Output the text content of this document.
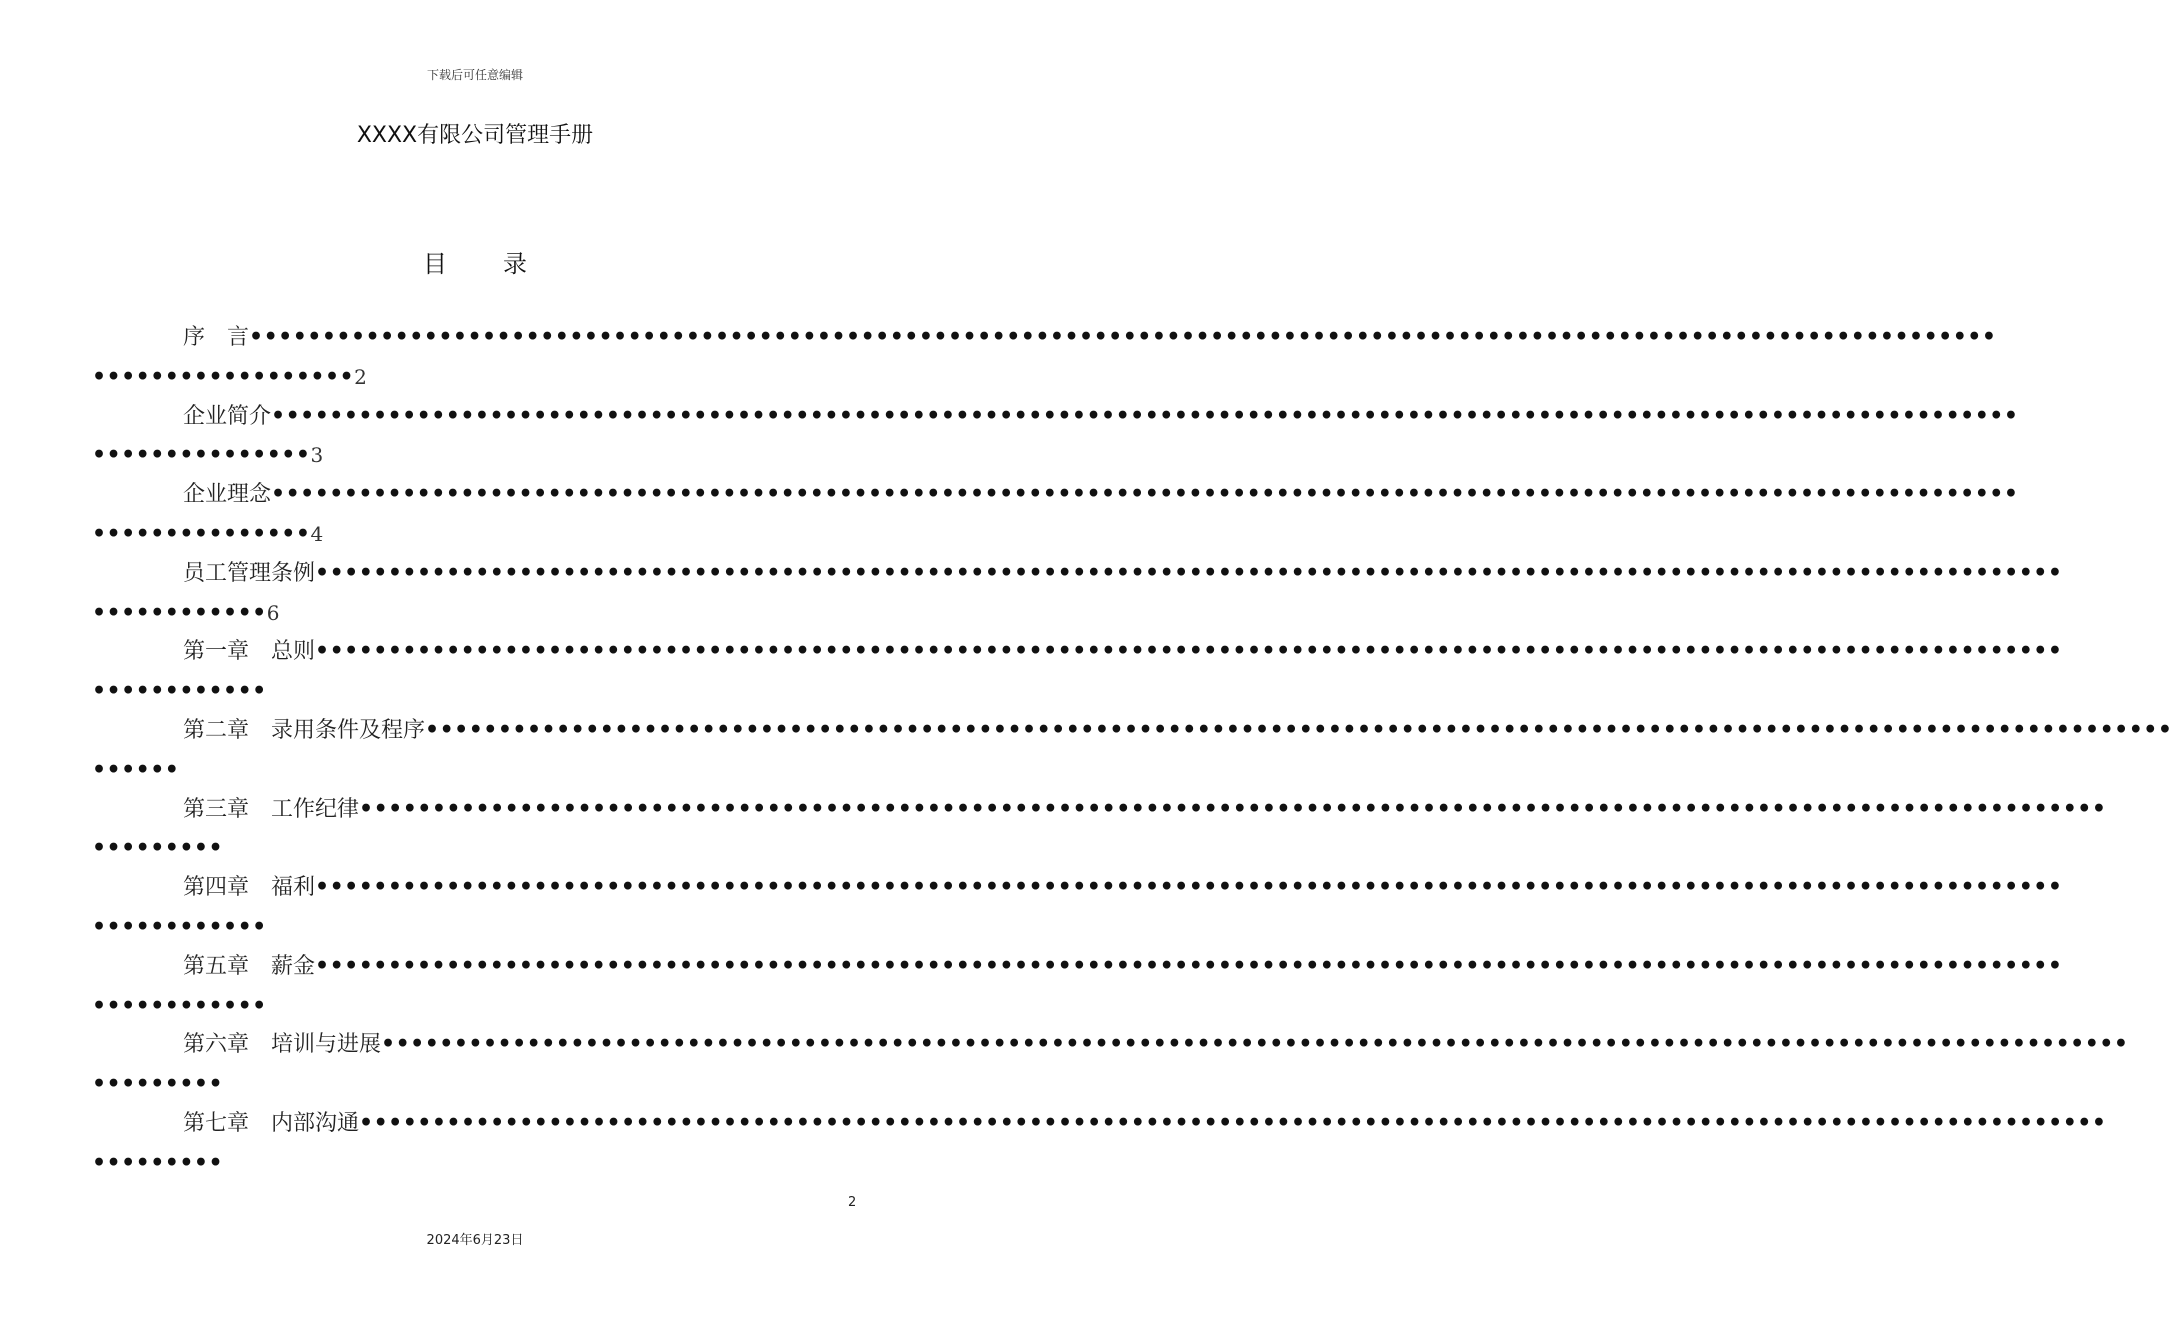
下载后可任意编辑
XXXX有限公司管理手册
目 录
序　言 ••••••••••••••••••••••••••••••••••••••••••••••••••••••••••••••••••••••••••••••••••••••••••••••••••••••••••••••••••••••••
•••••••••••••••••• 2
企业简介 ••••••••••••••••••••••••••••••••••••••••••••••••••••••••••••••••••••••••••••••••••••••••••••••••••••••••••••••••••••••••
••••••••••••••• 3
企业理念 ••••••••••••••••••••••••••••••••••••••••••••••••••••••••••••••••••••••••••••••••••••••••••••••••••••••••••••••••••••••••
••••••••••••••• 4
员工管理条例 ••••••••••••••••••••••••••••••••••••••••••••••••••••••••••••••••••••••••••••••••••••••••••••••••••••••••••••••••••••••••
•••••••••••• 6
第一章　总则 ••••••••••••••••••••••••••••••••••••••••••••••••••••••••••••••••••••••••••••••••••••••••••••••••••••••••••••••••••••••••
••••••••••••
第二章　录用条件及程序 ••••••••••••••••••••••••••••••••••••••••••••••••••••••••••••••••••••••••••••••••••••••••••••••••••••••••••••••••••••••••
••••••
第三章　工作纪律 ••••••••••••••••••••••••••••••••••••••••••••••••••••••••••••••••••••••••••••••••••••••••••••••••••••••••••••••••••••••••
•••••••••
第四章　福利 ••••••••••••••••••••••••••••••••••••••••••••••••••••••••••••••••••••••••••••••••••••••••••••••••••••••••••••••••••••••••
••••••••••••
第五章　薪金 ••••••••••••••••••••••••••••••••••••••••••••••••••••••••••••••••••••••••••••••••••••••••••••••••••••••••••••••••••••••••
••••••••••••
第六章　培训与进展 ••••••••••••••••••••••••••••••••••••••••••••••••••••••••••••••••••••••••••••••••••••••••••••••••••••••••••••••••••••••••
•••••••••
第七章　内部沟通 ••••••••••••••••••••••••••••••••••••••••••••••••••••••••••••••••••••••••••••••••••••••••••••••••••••••••••••••••••••••••
•••••••••
2
2024年6月23日
